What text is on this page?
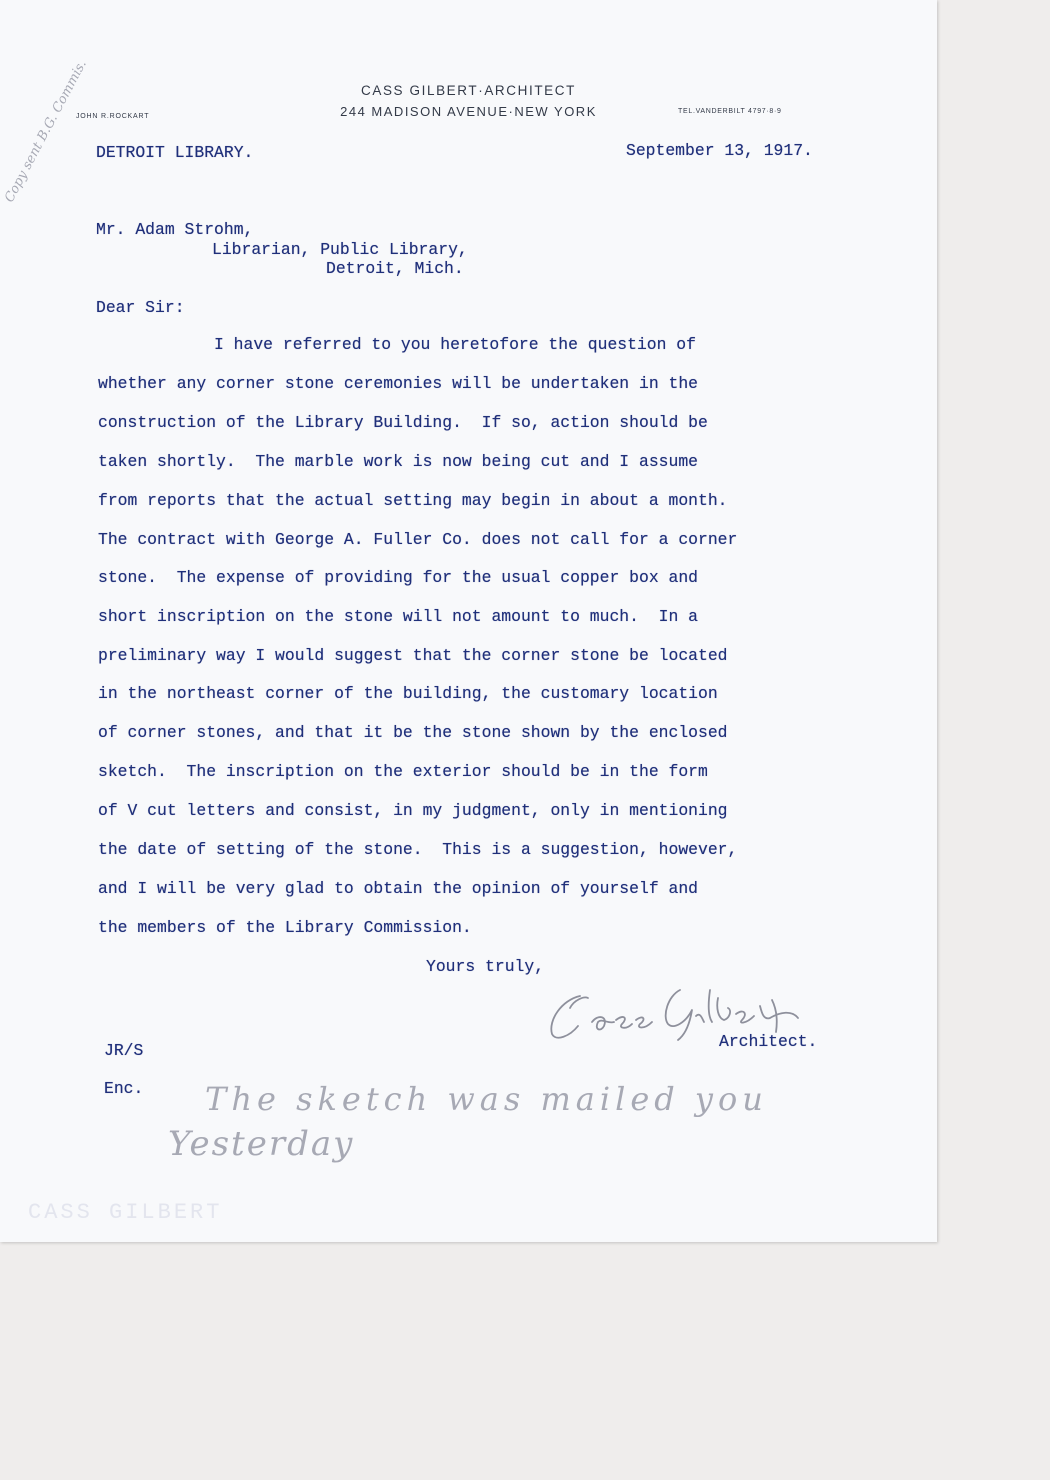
CASS GILBERT·ARCHITECT
244 MADISON AVENUE·NEW YORK
JOHN R.ROCKART
TEL.VANDERBILT 4797·8·9
DETROIT LIBRARY.	September 13, 1917.
Copy sent B.G. Commis.
Mr. Adam Strohm,
Librarian, Public Library,
Detroit, Mich.
Dear Sir:
I have referred to you heretofore the question of
whether any corner stone ceremonies will be undertaken in the
construction of the Library Building.  If so, action should be
taken shortly.  The marble work is now being cut and I assume
from reports that the actual setting may begin in about a month.
The contract with George A. Fuller Co. does not call for a corner
stone.  The expense of providing for the usual copper box and
short inscription on the stone will not amount to much.  In a
preliminary way I would suggest that the corner stone be located
in the northeast corner of the building, the customary location
of corner stones, and that it be the stone shown by the enclosed
sketch.  The inscription on the exterior should be in the form
of V cut letters and consist, in my judgment, only in mentioning
the date of setting of the stone.  This is a suggestion, however,
and I will be very glad to obtain the opinion of yourself and
the members of the Library Commission.
Yours truly,
Architect.
JR/S
Enc. The sketch was mailed you
Yesterday
CASS GILBERT
